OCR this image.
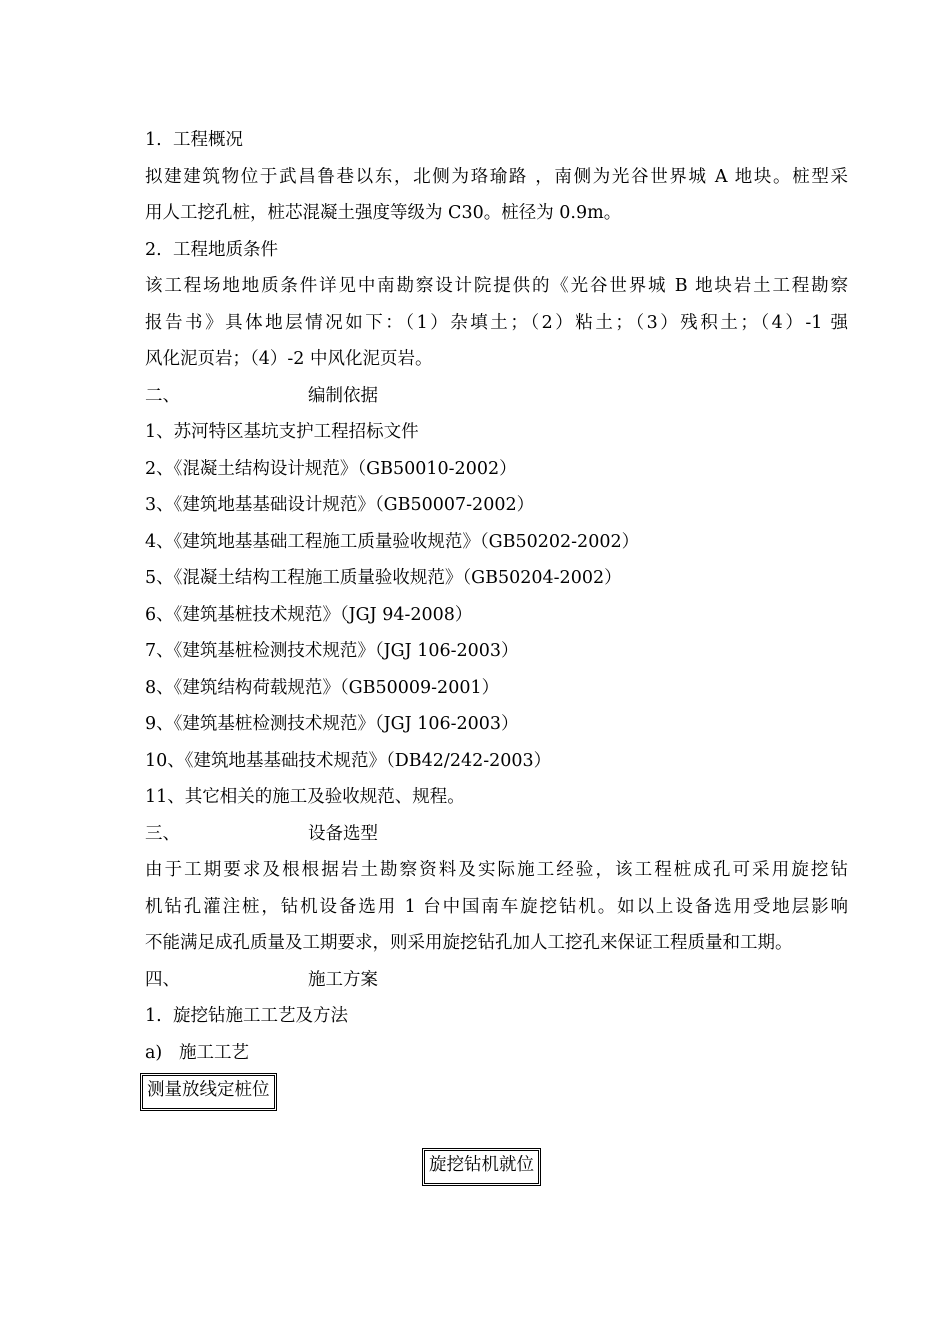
1. 工程概况
拟建建筑物位于武昌鲁巷以东，北侧为珞瑜路 ，南侧为光谷世界城 A 地块。桩型采
用人工挖孔桩，桩芯混凝土强度等级为 C30。桩径为 0.9m。
2. 工程地质条件
该工程场地地质条件详见中南勘察设计院提供的《光谷世界城 B 地块岩土工程勘察
报告书》具体地层情况如下：（1）杂填土；（2）粘土；（3）残积土；（4）-1 强
风化泥页岩；（4）-2 中风化泥页岩。
二、	编制依据
1、苏河特区基坑支护工程招标文件
2、《混凝土结构设计规范》（GB50010-2002）
3、《建筑地基基础设计规范》（GB50007-2002）
4、《建筑地基基础工程施工质量验收规范》（GB50202-2002）
5、《混凝土结构工程施工质量验收规范》（GB50204-2002）
6、《建筑基桩技术规范》（JGJ 94-2008）
7、《建筑基桩检测技术规范》（JGJ 106-2003）
8、《建筑结构荷载规范》（GB50009-2001）
9、《建筑基桩检测技术规范》（JGJ 106-2003）
10、《建筑地基基础技术规范》（DB42/242-2003）
11、其它相关的施工及验收规范、规程。
三、	设备选型
由于工期要求及根根据岩土勘察资料及实际施工经验，该工程桩成孔可采用旋挖钻
机钻孔灌注桩，钻机设备选用 1 台中国南车旋挖钻机。如以上设备选用受地层影响
不能满足成孔质量及工期要求，则采用旋挖钻孔加人工挖孔来保证工程质量和工期。
四、	施工方案
1. 旋挖钻施工工艺及方法
a) 施工工艺
测量放线定桩位
旋挖钻机就位
